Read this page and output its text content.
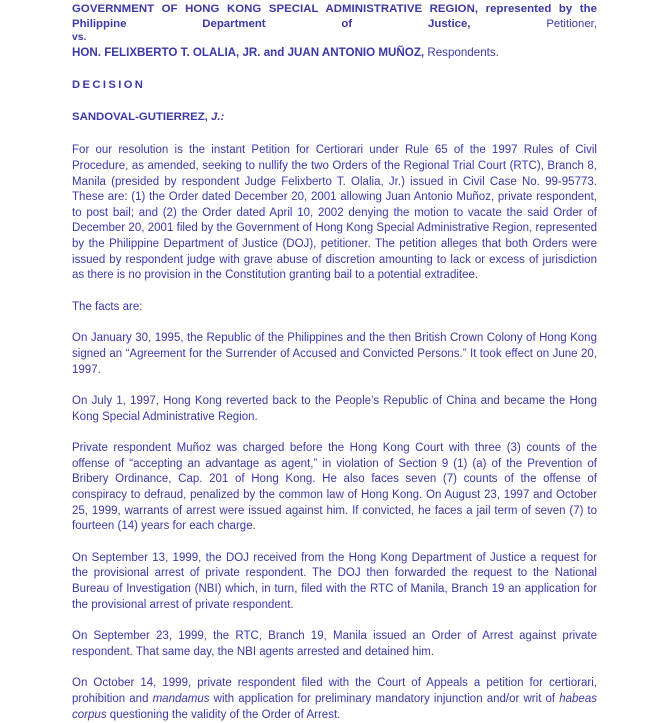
GOVERNMENT OF HONG KONG SPECIAL ADMINISTRATIVE REGION, represented by the
Philippine Department of Justice, Petitioner,
vs.
HON. FELIXBERTO T. OLALIA, JR. and JUAN ANTONIO MUÑOZ, Respondents.
DECISION
SANDOVAL-GUTIERREZ, J.:

For our resolution is the instant Petition for Certiorari under Rule 65 of the 1997 Rules of Civil Procedure, as amended, seeking to nullify the two Orders of the Regional Trial Court (RTC), Branch 8, Manila (presided by respondent Judge Felixberto T. Olalia, Jr.) issued in Civil Case No. 99-95773. These are: (1) the Order dated December 20, 2001 allowing Juan Antonio Muñoz, private respondent, to post bail; and (2) the Order dated April 10, 2002 denying the motion to vacate the said Order of December 20, 2001 filed by the Government of Hong Kong Special Administrative Region, represented by the Philippine Department of Justice (DOJ), petitioner. The petition alleges that both Orders were issued by respondent judge with grave abuse of discretion amounting to lack or excess of jurisdiction as there is no provision in the Constitution granting bail to a potential extraditee.

The facts are:

On January 30, 1995, the Republic of the Philippines and the then British Crown Colony of Hong Kong signed an “Agreement for the Surrender of Accused and Convicted Persons.” It took effect on June 20, 1997.

On July 1, 1997, Hong Kong reverted back to the People’s Republic of China and became the Hong Kong Special Administrative Region.

Private respondent Muñoz was charged before the Hong Kong Court with three (3) counts of the offense of “accepting an advantage as agent,” in violation of Section 9 (1) (a) of the Prevention of Bribery Ordinance, Cap. 201 of Hong Kong. He also faces seven (7) counts of the offense of conspiracy to defraud, penalized by the common law of Hong Kong. On August 23, 1997 and October 25, 1999, warrants of arrest were issued against him. If convicted, he faces a jail term of seven (7) to fourteen (14) years for each charge.

On September 13, 1999, the DOJ received from the Hong Kong Department of Justice a request for the provisional arrest of private respondent. The DOJ then forwarded the request to the National Bureau of Investigation (NBI) which, in turn, filed with the RTC of Manila, Branch 19 an application for the provisional arrest of private respondent.

On September 23, 1999, the RTC, Branch 19, Manila issued an Order of Arrest against private respondent. That same day, the NBI agents arrested and detained him.

On October 14, 1999, private respondent filed with the Court of Appeals a petition for certiorari, prohibition and mandamus with application for preliminary mandatory injunction and/or writ of habeas corpus questioning the validity of the Order of Arrest.
